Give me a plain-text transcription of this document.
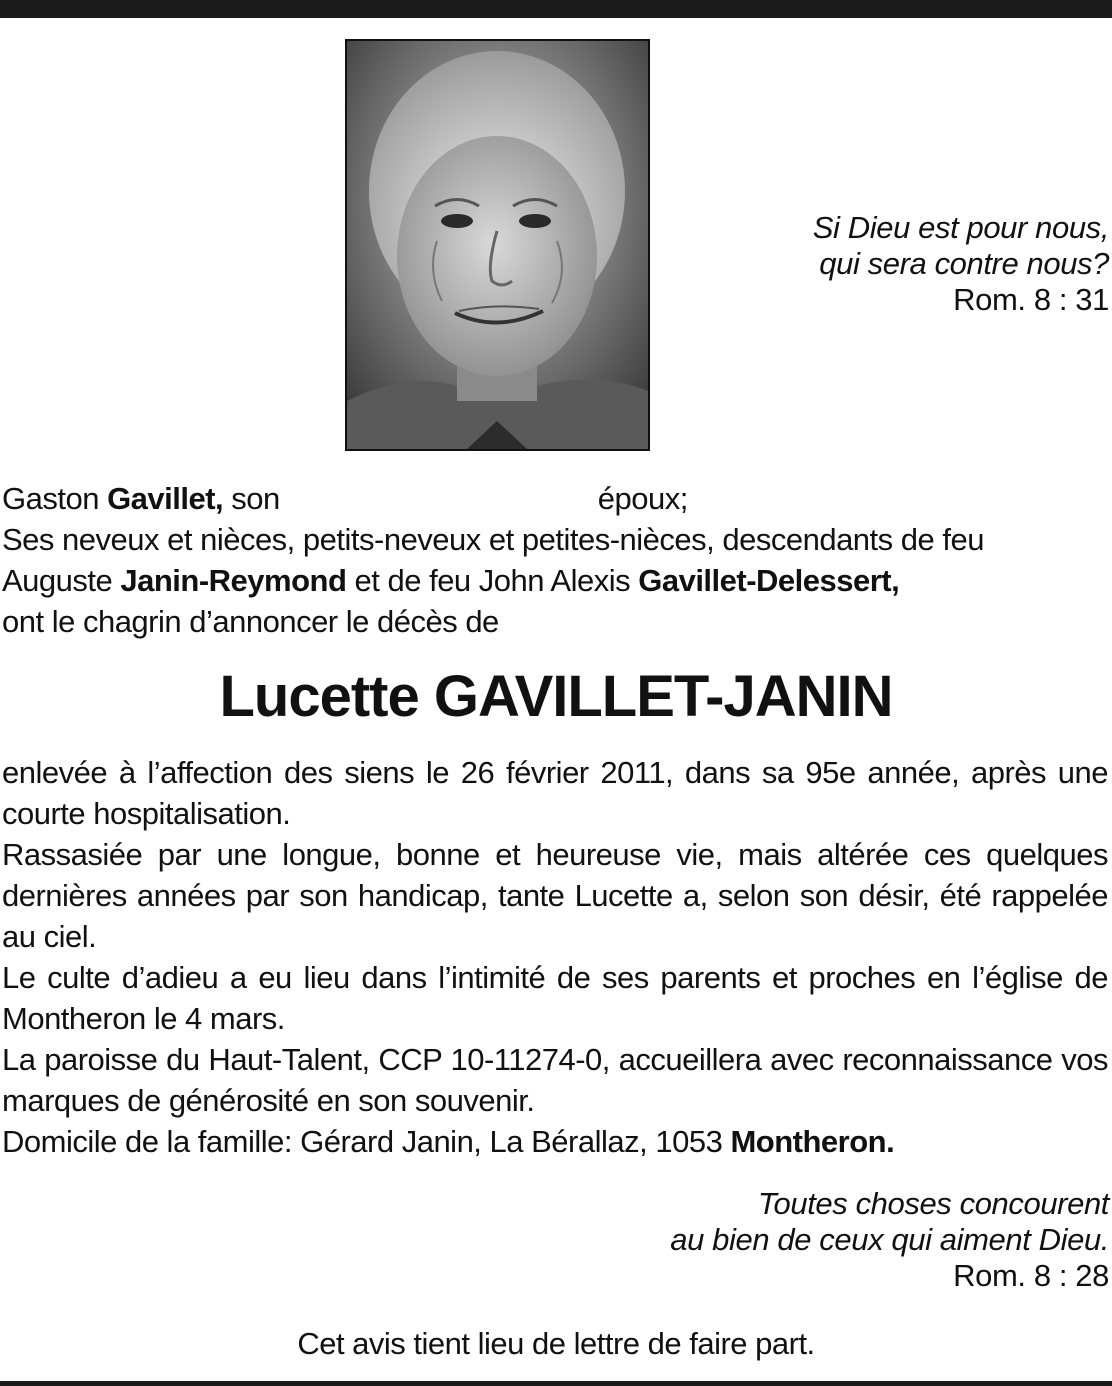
Si Dieu est pour nous,
qui sera contre nous?
Rom. 8 : 31

Gaston Gavillet, son	époux;

Ses neveux et nièces, petits-neveux et petites-nièces, descendants de feu

Auguste Janin-Reymond et de feu John Alexis Gavillet-Delessert,

ont le chagrin d’annoncer le décès de

Lucette GAVILLET-JANIN

enlevée à l’affection des siens le 26 février 2011, dans sa 95e année, après une courte hospitalisation.

Rassasiée par une longue, bonne et heureuse vie, mais altérée ces quelques dernières années par son handicap, tante Lucette a, selon son désir, été rappelée au ciel.

Le culte d’adieu a eu lieu dans l’intimité de ses parents et proches en l’église de Montheron le 4 mars.

La paroisse du Haut-Talent, CCP 10-11274-0, accueillera avec reconnaissance vos marques de générosité en son souvenir.

Domicile de la famille: Gérard Janin, La Bérallaz, 1053 Montheron.

Toutes choses concourent
au bien de ceux qui aiment Dieu.
Rom. 8 : 28
Cet avis tient lieu de lettre de faire part.
